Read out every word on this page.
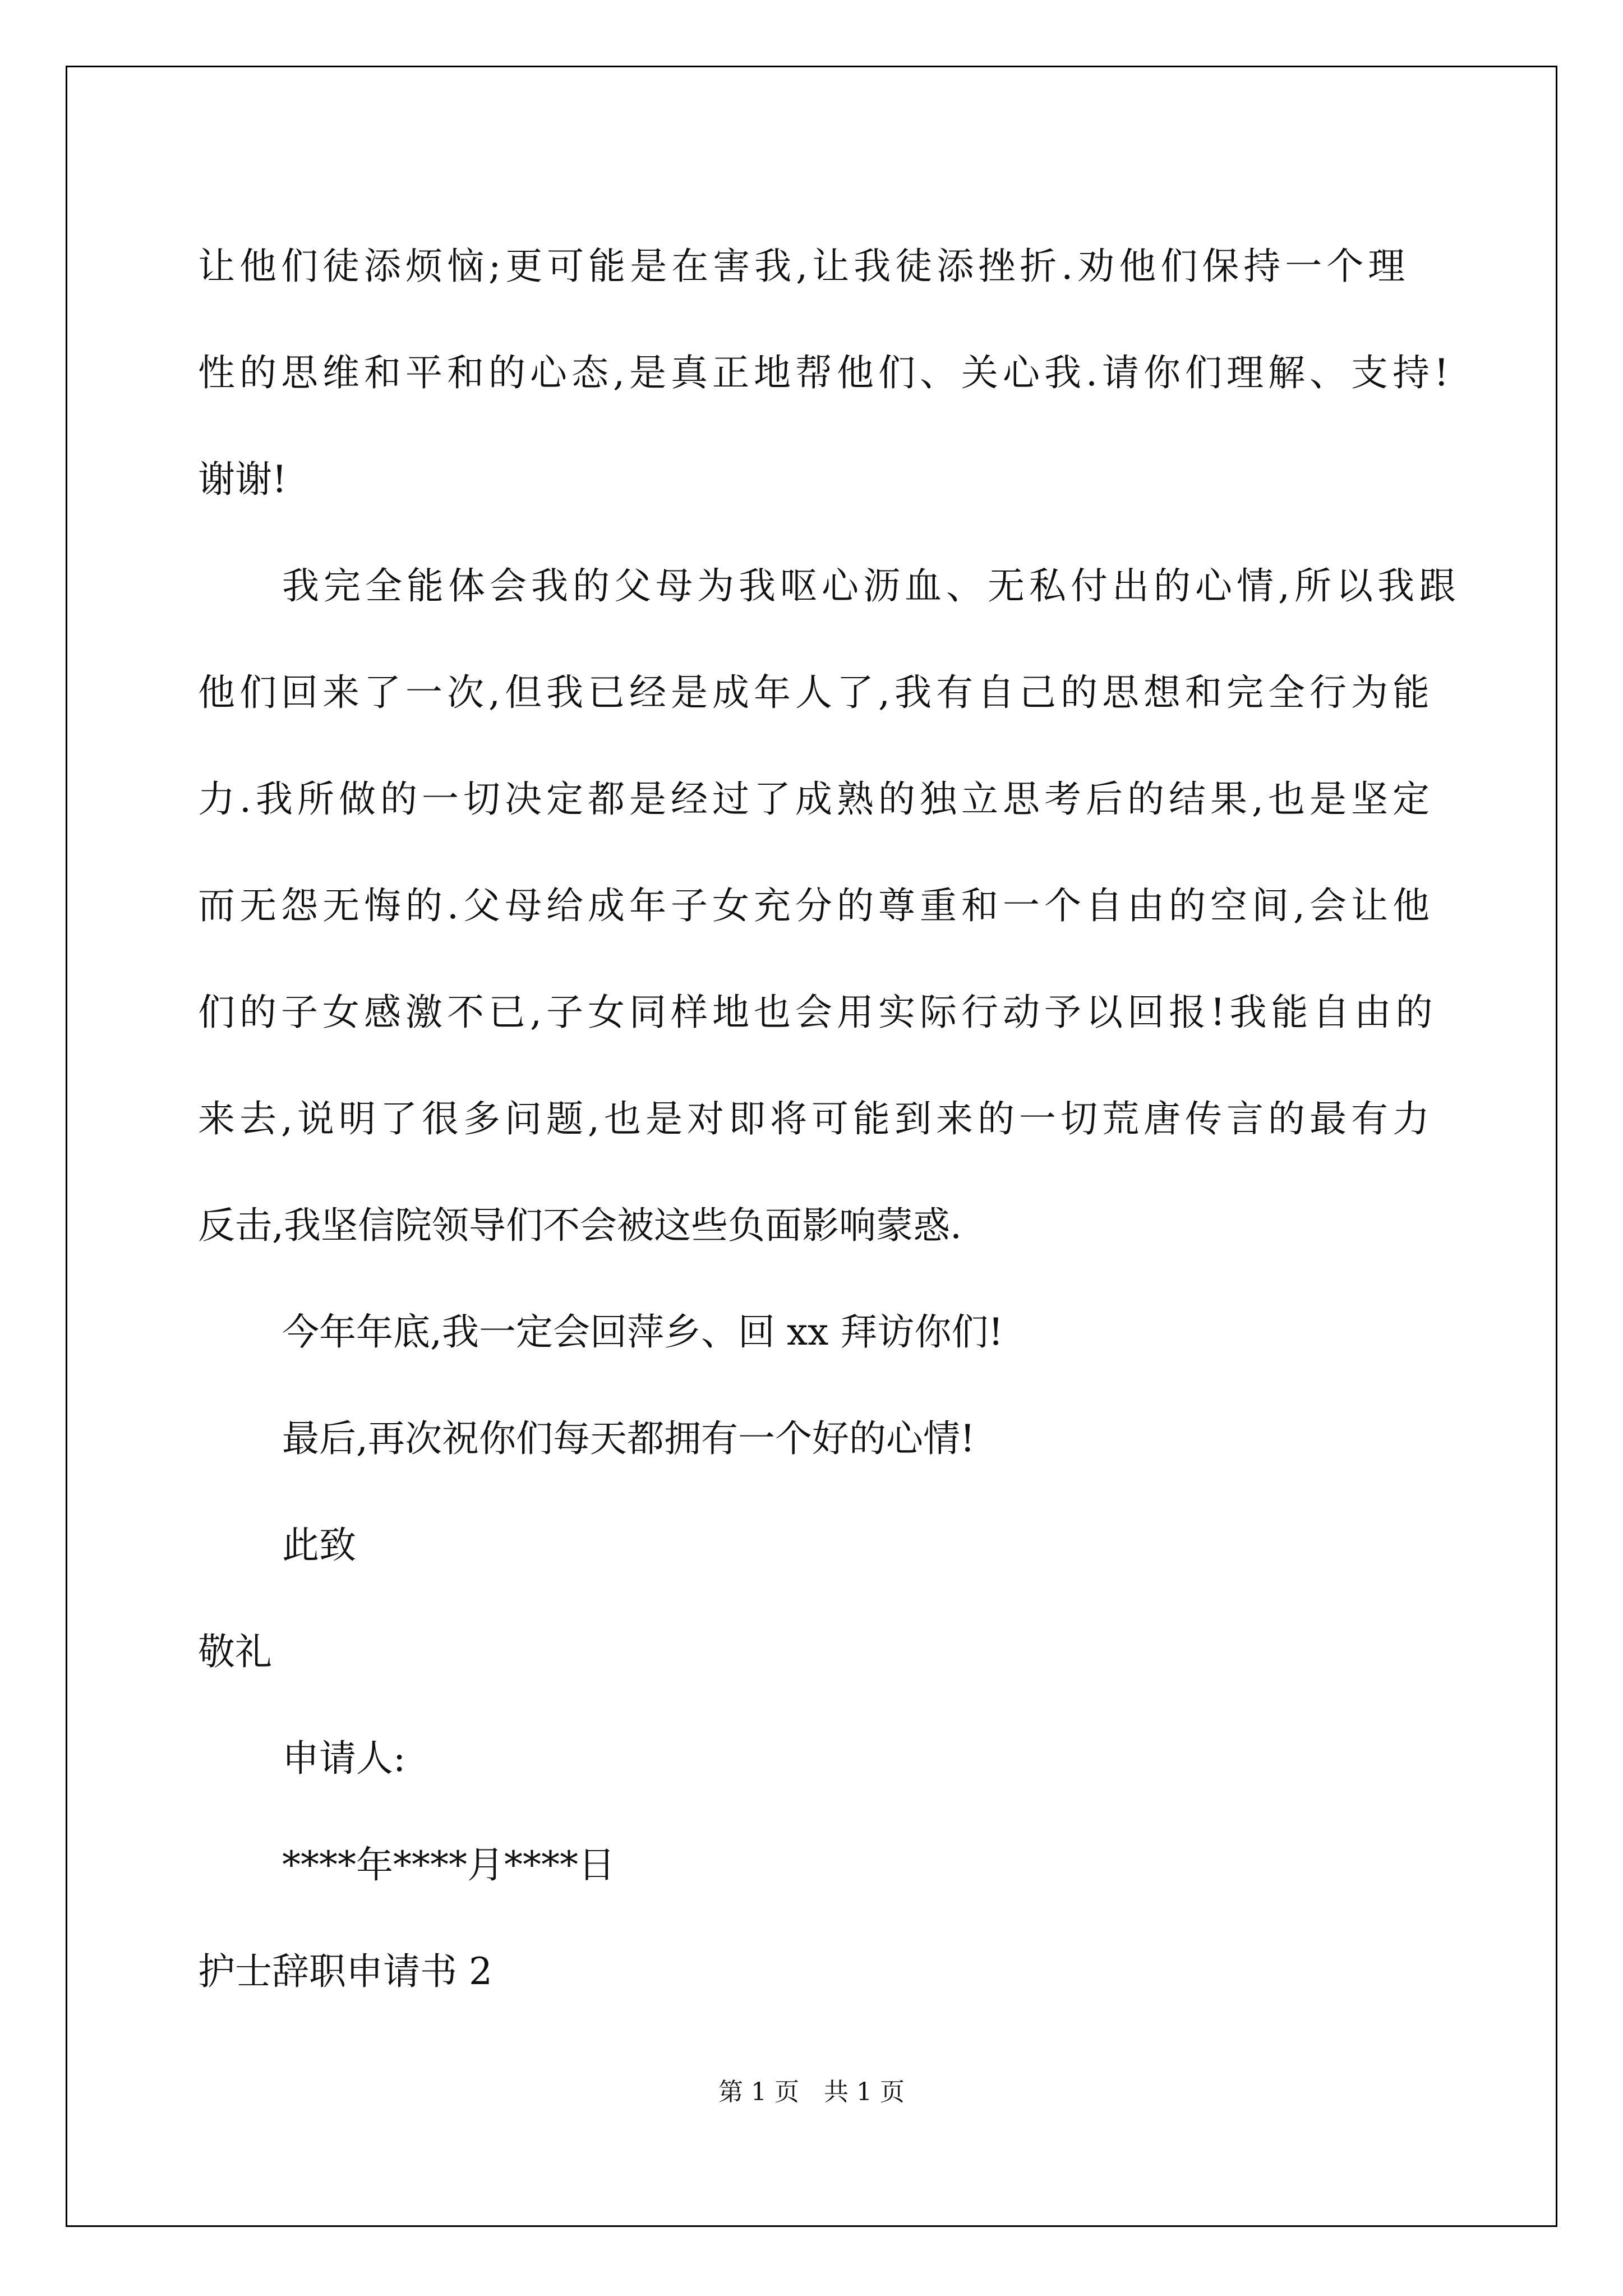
让他们徒添烦恼;更可能是在害我,让我徒添挫折.劝他们保持一个理
性的思维和平和的心态,是真正地帮他们、关心我.请你们理解、支持!
谢谢!
我完全能体会我的父母为我呕心沥血、无私付出的心情,所以我跟
他们回来了一次,但我已经是成年人了,我有自己的思想和完全行为能
力.我所做的一切决定都是经过了成熟的独立思考后的结果,也是坚定
而无怨无悔的.父母给成年子女充分的尊重和一个自由的空间,会让他
们的子女感激不已,子女同样地也会用实际行动予以回报!我能自由的
来去,说明了很多问题,也是对即将可能到来的一切荒唐传言的最有力
反击,我坚信院领导们不会被这些负面影响蒙惑.
今年年底,我一定会回萍乡、回 xx 拜访你们!
最后,再次祝你们每天都拥有一个好的心情!
此致
敬礼
申请人:
****年****月****日
护士辞职申请书 2
第 1 页　共 1 页
